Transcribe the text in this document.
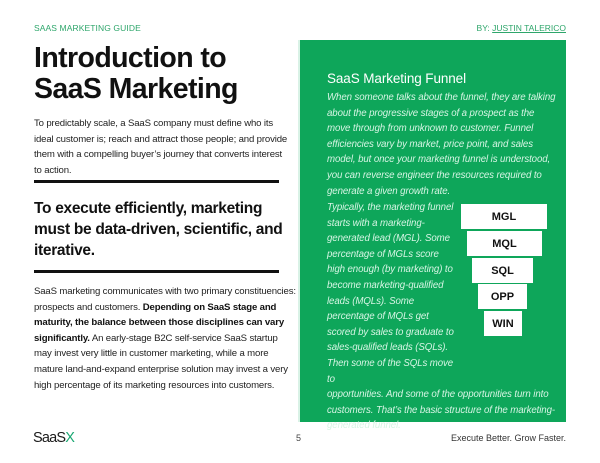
SAAS MARKETING GUIDE	BY: JUSTIN TALERICO
Introduction to SaaS Marketing

To predictably scale, a SaaS company must define who its ideal customer is; reach and attract those people; and provide them with a compelling buyer’s journey that converts interest to action.

To execute efficiently, marketing must be data-driven, scientific, and iterative.

SaaS marketing communicates with two primary constituencies: prospects and customers. Depending on SaaS stage and maturity, the balance between those disciplines can vary significantly. An early-stage B2C self-service SaaS startup may invest very little in customer marketing, while a more mature land-and-expand enterprise solution may invest a very high percentage of its marketing resources into customers.

SaaS Marketing Funnel

When someone talks about the funnel, they are talking about the progressive stages of a prospect as the move through from unknown to customer. Funnel efficiencies vary by market, price point, and sales model, but once your marketing funnel is understood, you can reverse engineer the resources required to generate a given growth rate.

Typically, the marketing funnel starts with a marketing-generated lead (MGL). Some percentage of MGLs score high enough (by marketing) to become marketing-qualified leads (MQLs). Some percentage of MQLs get scored by sales to graduate to sales-qualified leads (SQLs). Then some of the SQLs move to
opportunities. And some of the opportunities turn into customers. That’s the basic structure of the marketing-generated funnel.

MGL
MQL
SQL
OPP
WIN
SaaSX	5	Execute Better. Grow Faster.
